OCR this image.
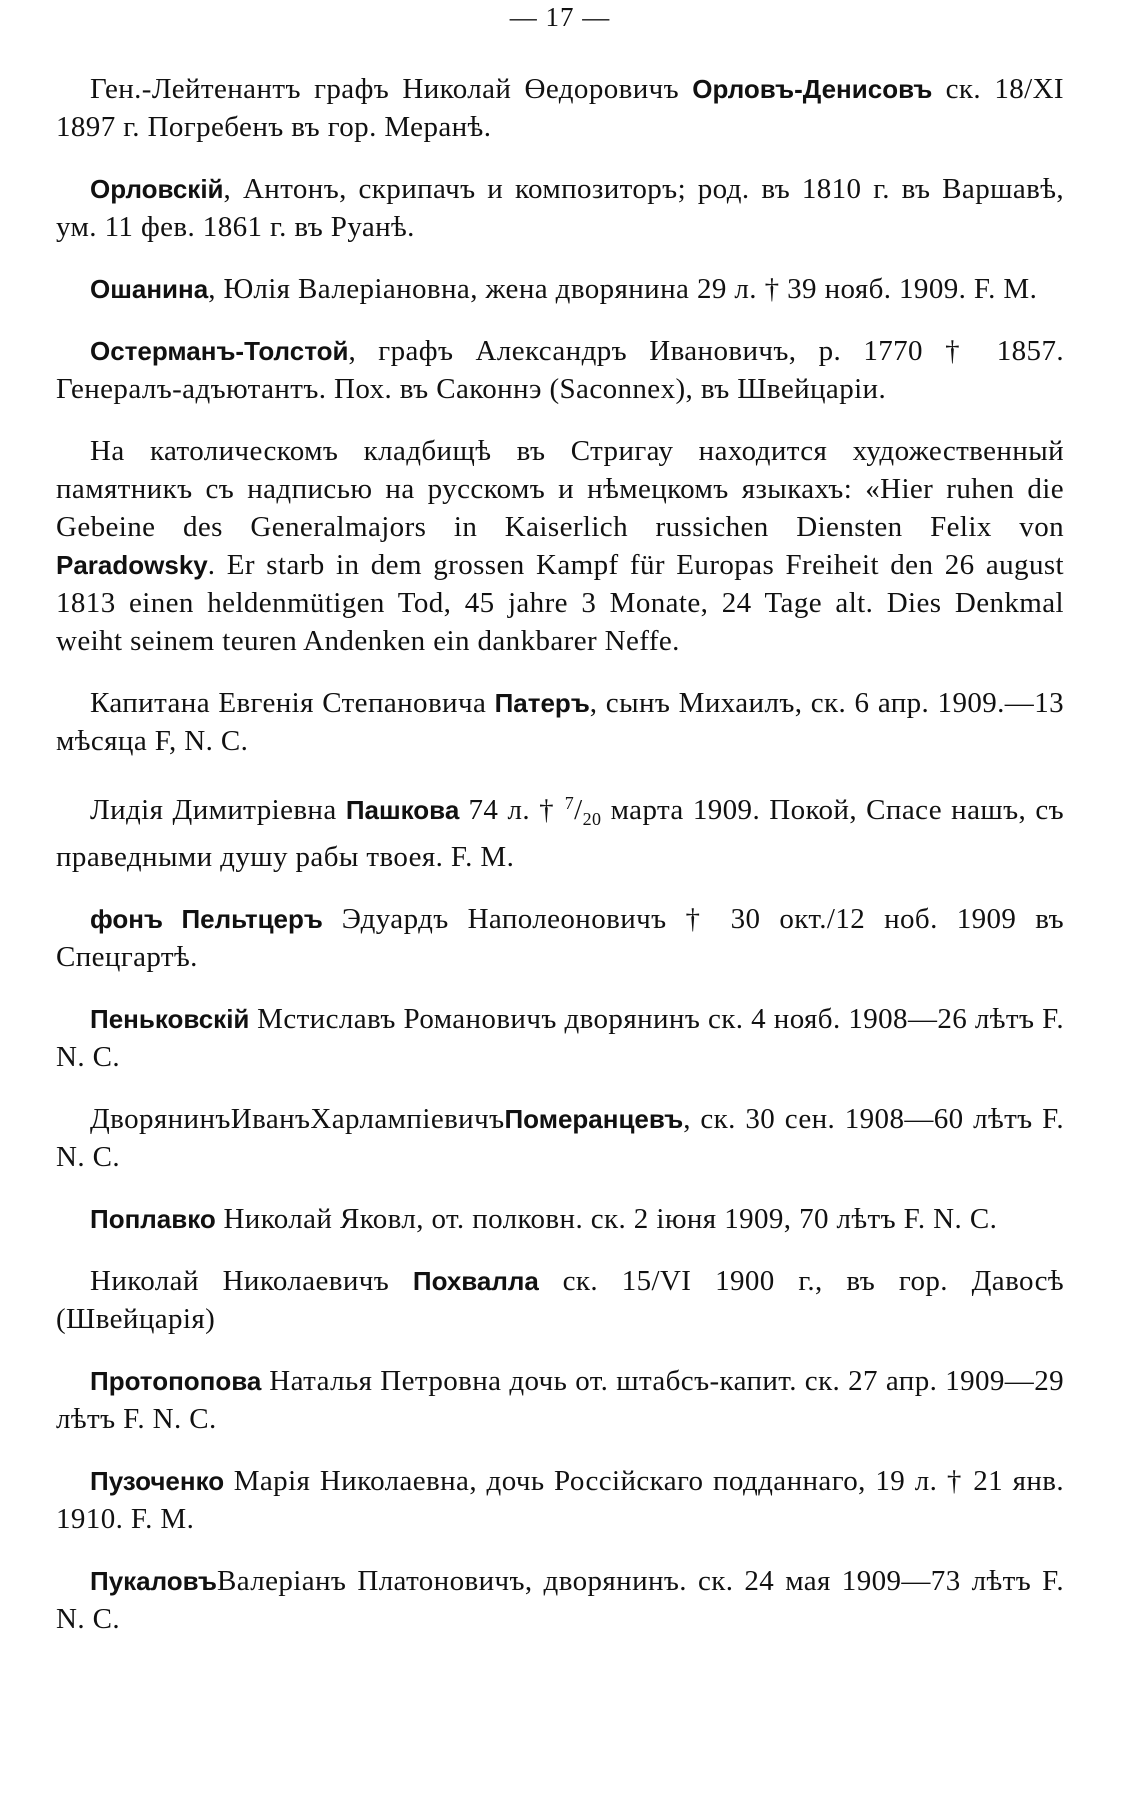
— 17 —

Ген.-Лейтенантъ графъ Николай Өедоровичъ Орловъ-Денисовъ ск. 18/XI 1897 г. Погребенъ въ гор. Меранѣ.

Орловскій, Антонъ, скрипачъ и композиторъ; род. въ 1810 г. въ Варшавѣ, ум. 11 фев. 1861 г. въ Руанѣ.

Ошанина, Юлія Валеріановна, жена дворянина 29 л. † 39 нояб. 1909. F. M.

Остерманъ-Толстой, графъ Александръ Ивановичъ, р. 1770 † 1857. Генералъ-адъютантъ. Пох. въ Саконнэ (Saconnex), въ Швейцаріи.

На католическомъ кладбищѣ въ Стригау находится художественный памятникъ съ надписью на русскомъ и нѣмецкомъ языкахъ: «Hier ruhen die Gebeine des Generalmajors in Kaiserlich russichen Diensten Felix von Paradowsky. Er starb in dem grossen Kampf für Europas Freiheit den 26 august 1813 einen heldenmütigen Tod, 45 jahre 3 Monate, 24 Tage alt. Dies Denkmal weiht seinem teuren Andenken ein dankbarer Neffe.

Капитана Евгенія Степановича Патеръ, сынъ Михаилъ, ск. 6 апр. 1909.—13 мѣсяца F, N. C.

Лидія Димитріевна Пашкова 74 л. † $^7/_{20}$ марта 1909. Покой, Спасе нашъ, съ праведными душу рабы твоея. F. M.

фонъ Пельтцеръ Эдуардъ Наполеоновичъ † 30 окт./12 ноб. 1909 въ Спецгартѣ.

Пеньковскій Мстиславъ Романовичъ дворянинъ ск. 4 нояб. 1908—26 лѣтъ F. N. C.

ДворянинъИванъХарлампіевичъПомеранцевъ, ск. 30 сен. 1908—60 лѣтъ F. N. C.

Поплавко Николай Яковл, от. полковн. ск. 2 іюня 1909, 70 лѣтъ F. N. C.

Николай Николаевичъ Похвалла ск. 15/VI 1900 г., въ гор. Давосѣ (Швейцарія)

Протопопова Наталья Петровна дочь от. штабсъ-капит. ск. 27 апр. 1909—29 лѣтъ F. N. C.

Пузоченко Марія Николаевна, дочь Россійскаго подданнаго, 19 л. † 21 янв. 1910. F. M.

ПукаловъВалеріанъ Платоновичъ, дворянинъ. ск. 24 мая 1909—73 лѣтъ F. N. C.
